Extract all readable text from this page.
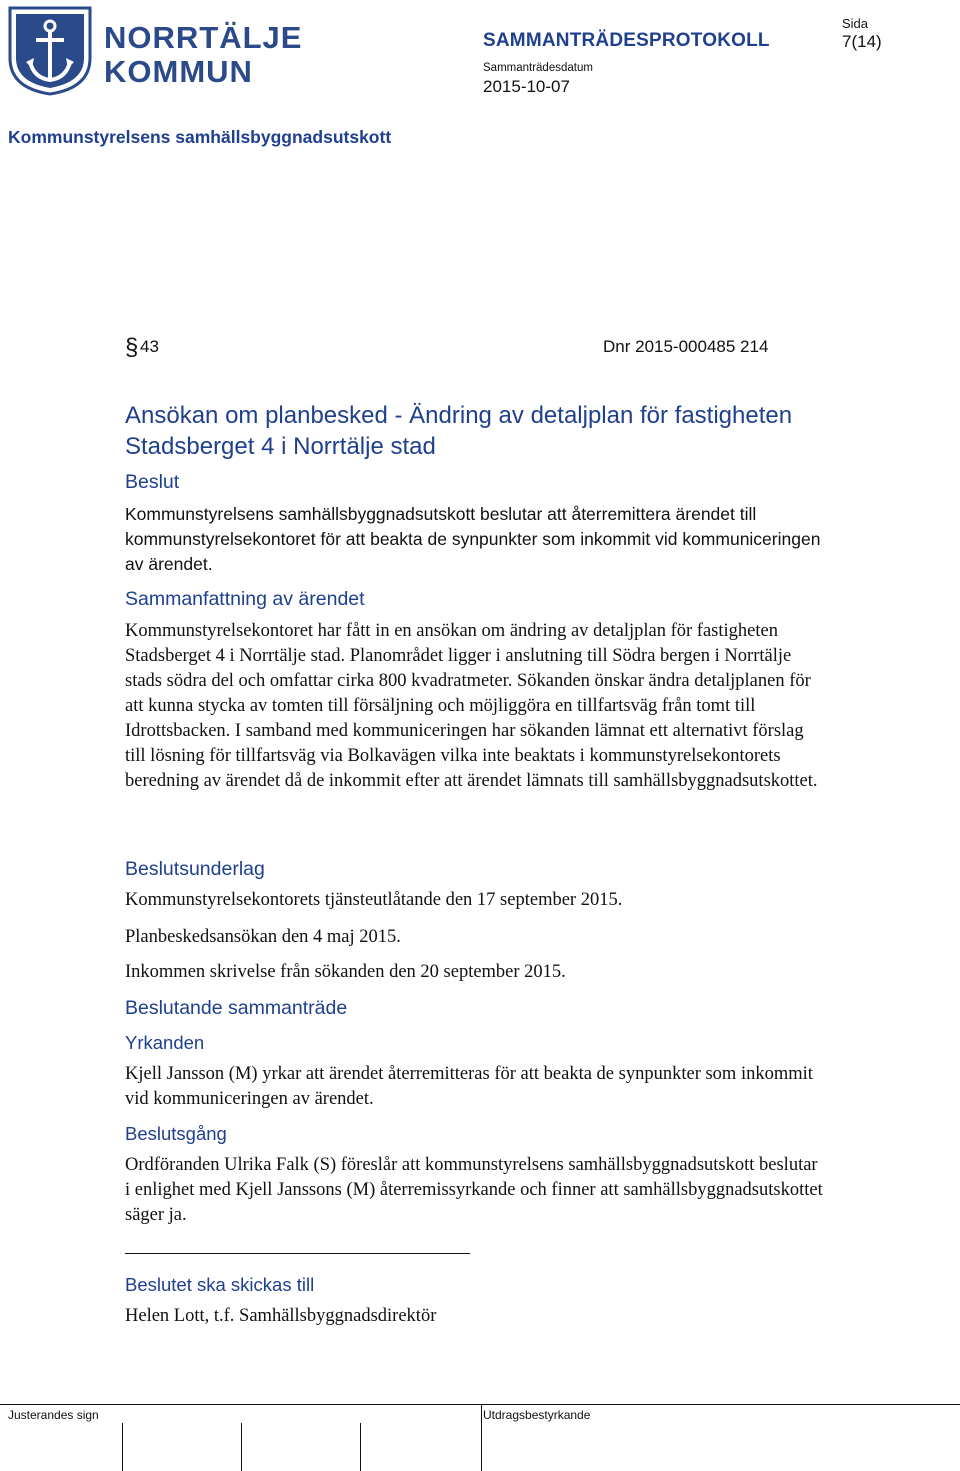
NORRTÄLJE
KOMMUN
Sida
SAMMANTRÄDESPROTOKOLL	7(14)
Sammanträdesdatum
2015-10-07
Kommunstyrelsens samhällsbyggnadsutskott
§ 43	Dnr 2015-000485 214
Ansökan om planbesked - Ändring av detaljplan för fastigheten Stadsberget 4 i Norrtälje stad
Beslut
Kommunstyrelsens samhällsbyggnadsutskott beslutar att återremittera ärendet till kommunstyrelsekontoret för att beakta de synpunkter som inkommit vid kommuniceringen av ärendet.
Sammanfattning av ärendet
Kommunstyrelsekontoret har fått in en ansökan om ändring av detaljplan för fastigheten Stadsberget 4 i Norrtälje stad. Planområdet ligger i anslutning till Södra bergen i Norrtälje stads södra del och omfattar cirka 800 kvadratmeter. Sökanden önskar ändra detaljplanen för att kunna stycka av tomten till försäljning och möjliggöra en tillfartsväg från tomt till Idrottsbacken. I samband med kommuniceringen har sökanden lämnat ett alternativt förslag till lösning för tillfartsväg via Bolkavägen vilka inte beaktats i kommunstyrelsekontorets beredning av ärendet då de inkommit efter att ärendet lämnats till samhällsbyggnadsutskottet.
Beslutsunderlag
Kommunstyrelsekontorets tjänsteutlåtande den 17 september 2015.
Planbeskedsansökan den 4 maj 2015.
Inkommen skrivelse från sökanden den 20 september 2015.
Beslutande sammanträde
Yrkanden
Kjell Jansson (M) yrkar att ärendet återremitteras för att beakta de synpunkter som inkommit vid kommuniceringen av ärendet.
Beslutsgång
Ordföranden Ulrika Falk (S) föreslår att kommunstyrelsens samhällsbyggnadsutskott beslutar i enlighet med Kjell Janssons (M) återremissyrkande och finner att samhällsbyggnadsutskottet säger ja.
Beslutet ska skickas till
Helen Lott, t.f. Samhällsbyggnadsdirektör
Justerandes sign	Utdragsbestyrkande
